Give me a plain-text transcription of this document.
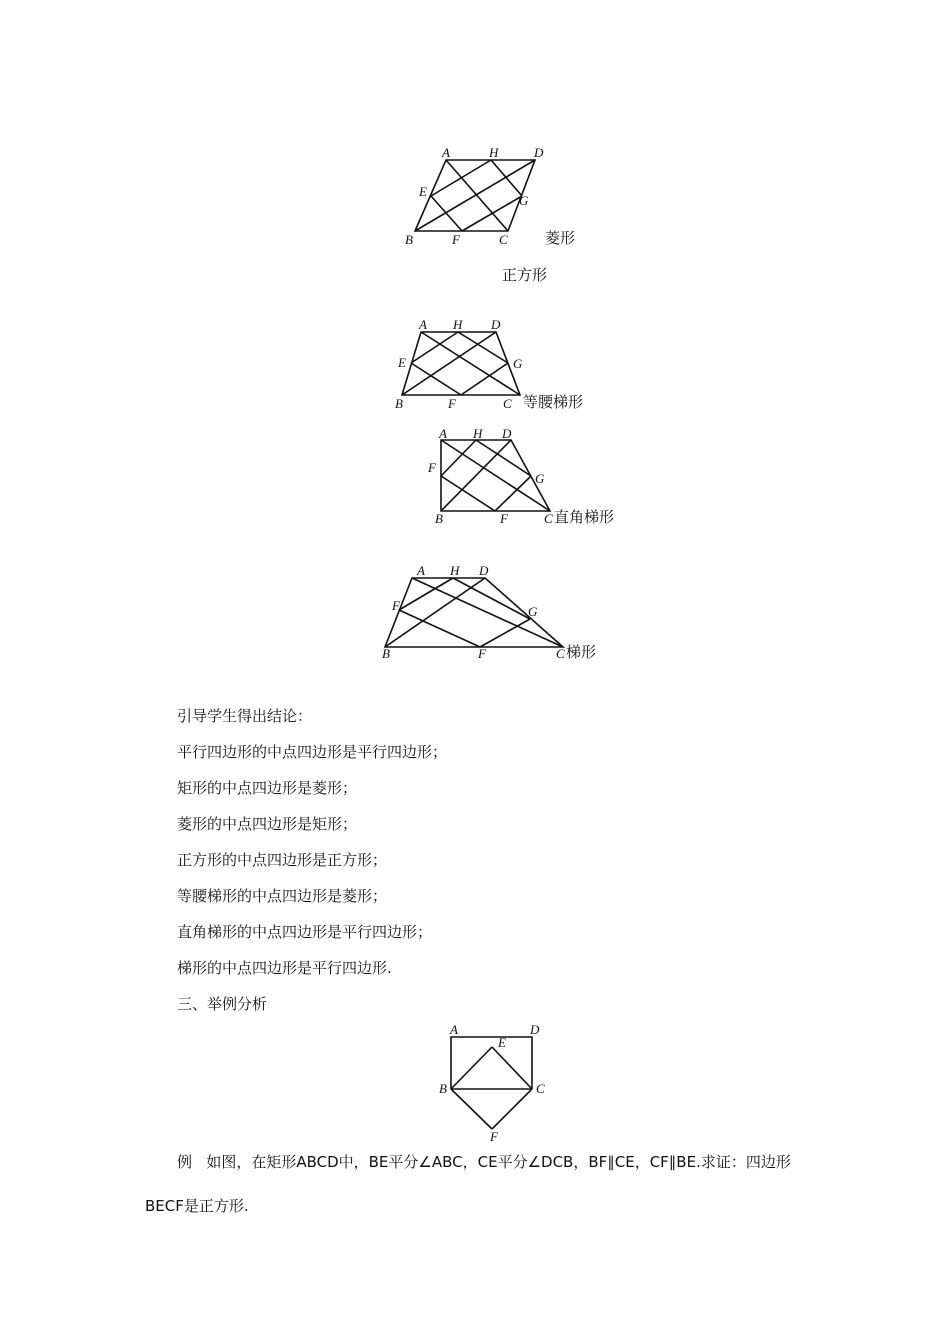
A	H	D
E
G
B	F	C 菱形
正方形
A H D
E	G
B	F	C 等腰梯形
A H D
F
G
B	F	C 直角梯形
A H D
F	G
B	F	C 梯形
引导学生得出结论：
平行四边形的中点四边形是平行四边形；
矩形的中点四边形是菱形；
菱形的中点四边形是矩形；
正方形的中点四边形是正方形；
等腰梯形的中点四边形是菱形；
直角梯形的中点四边形是平行四边形；
梯形的中点四边形是平行四边形.
三、举例分析
A	D
E
B	C
F
例 如图，在矩形ABCD中，BE平分∠ABC，CE平分∠DCB，BF∥CE，CF∥BE.求证：四边形BECF是正方形.
